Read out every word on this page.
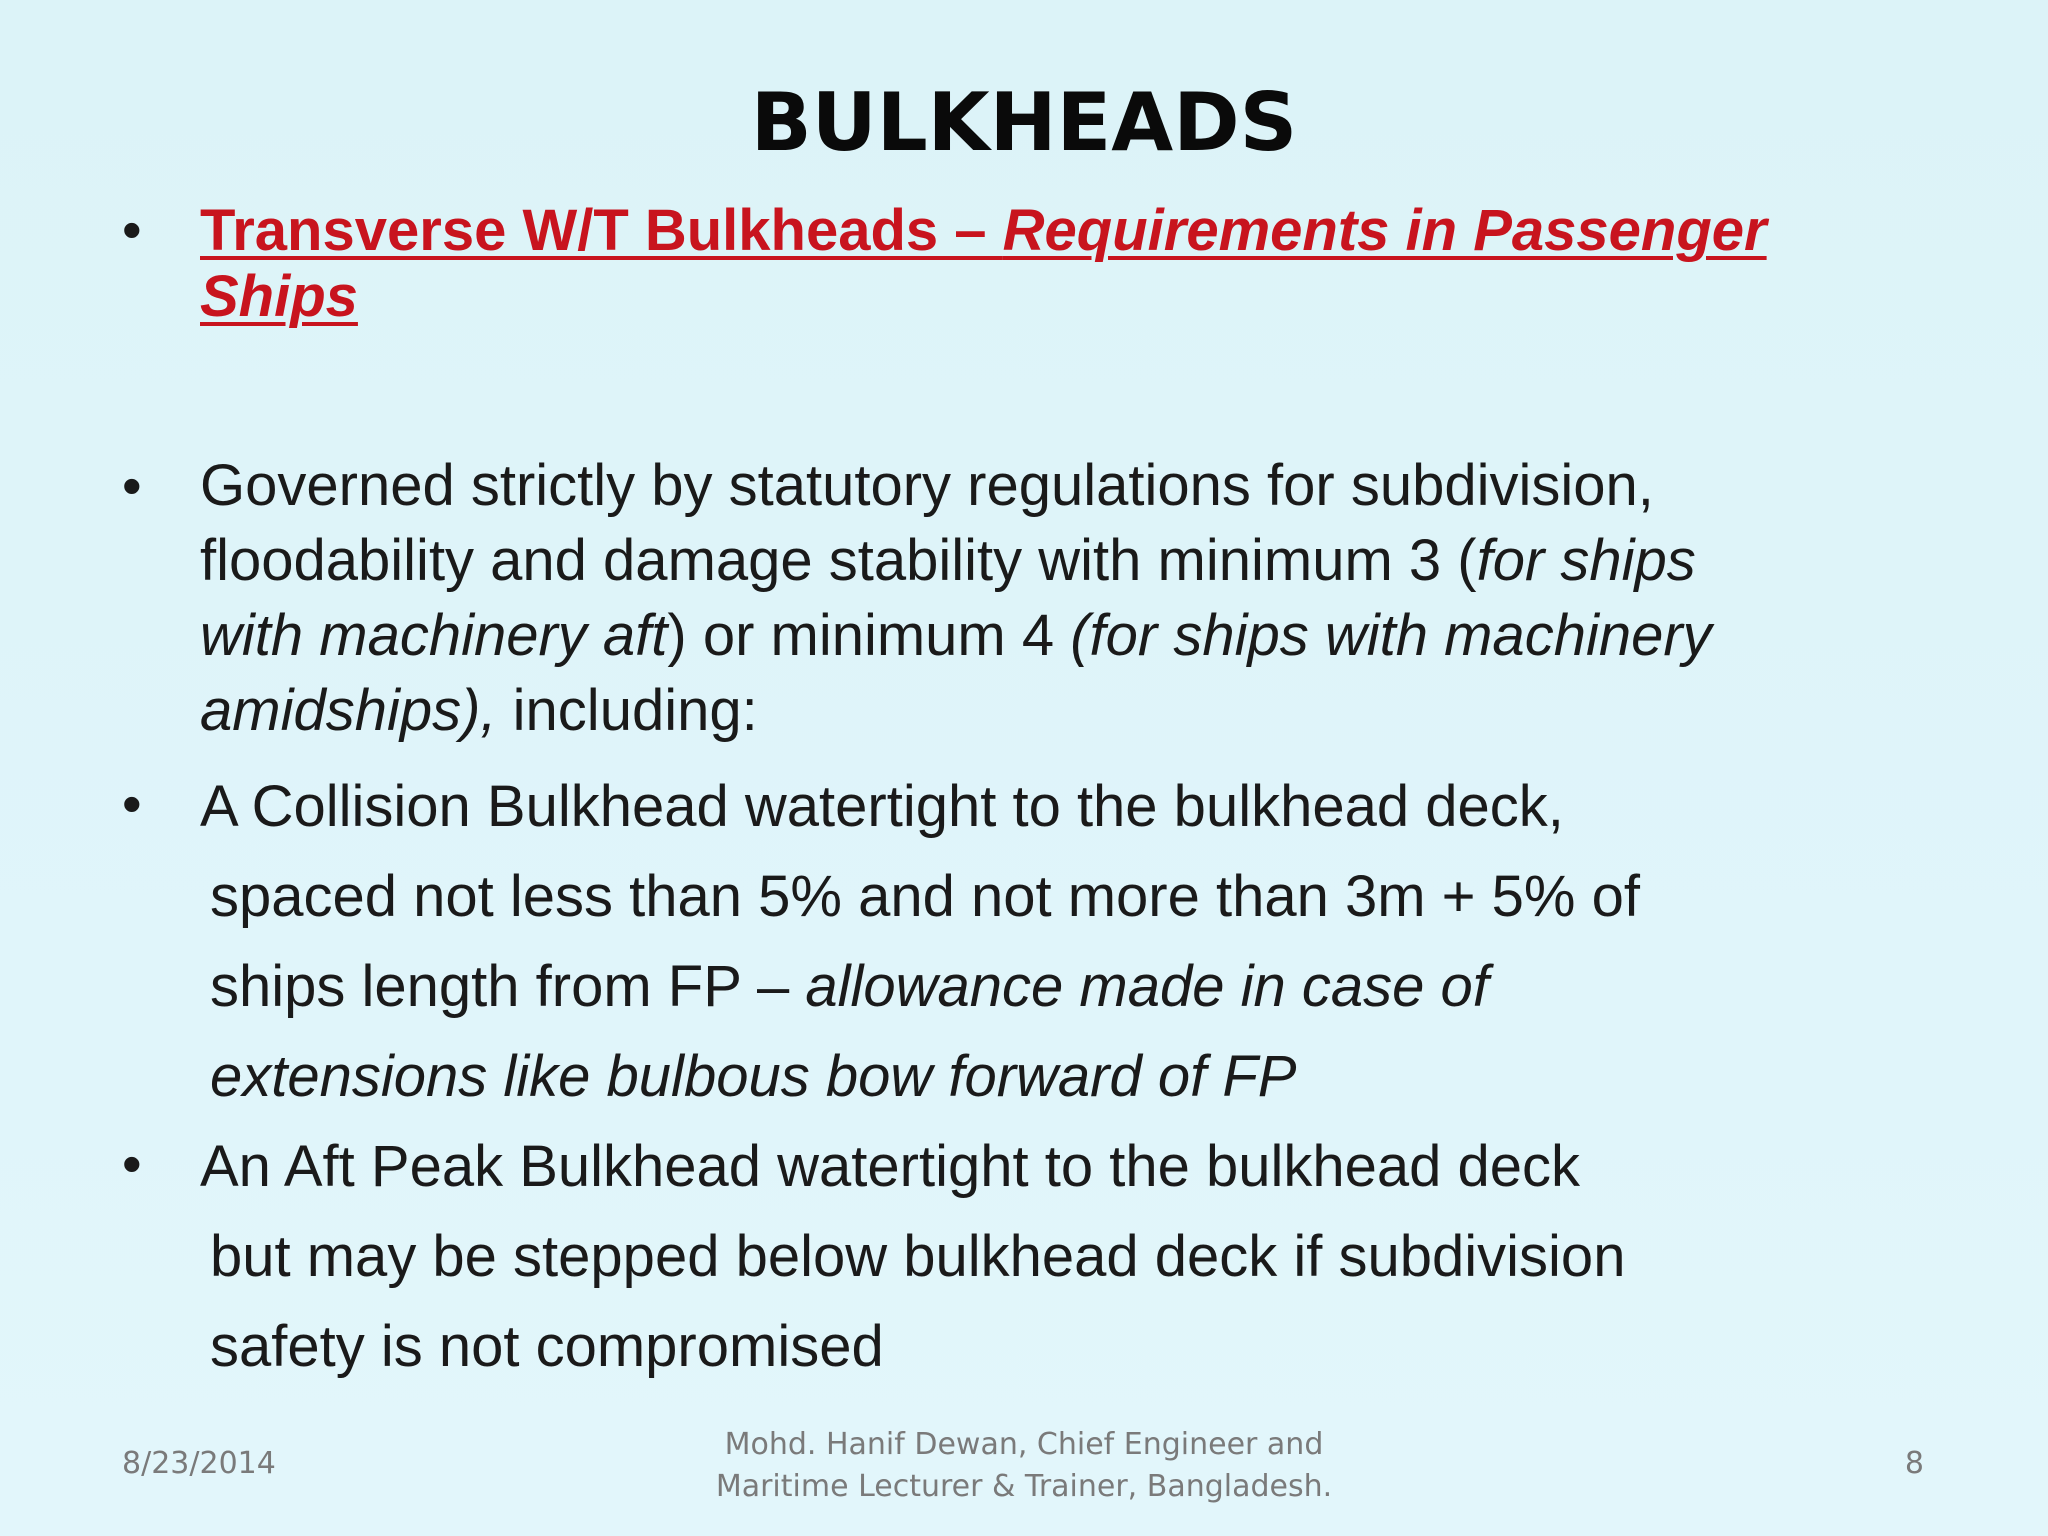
BULKHEADS
• Transverse W/T Bulkheads – Requirements in Passenger Ships

• Governed strictly by statutory regulations for subdivision,
floodability and damage stability with minimum 3 (for ships
with machinery aft) or minimum 4 (for ships with machinery
amidships), including:

• A Collision Bulkhead watertight to the bulkhead deck,

spaced not less than 5% and not more than 3m + 5% of
ships length from FP – allowance made in case of
extensions like bulbous bow forward of FP

• An Aft Peak Bulkhead watertight to the bulkhead deck

but may be stepped below bulkhead deck if subdivision
safety is not compromised

8/23/2014
Mohd. Hanif Dewan, Chief Engineer and
Maritime Lecturer & Trainer, Bangladesh.
8
